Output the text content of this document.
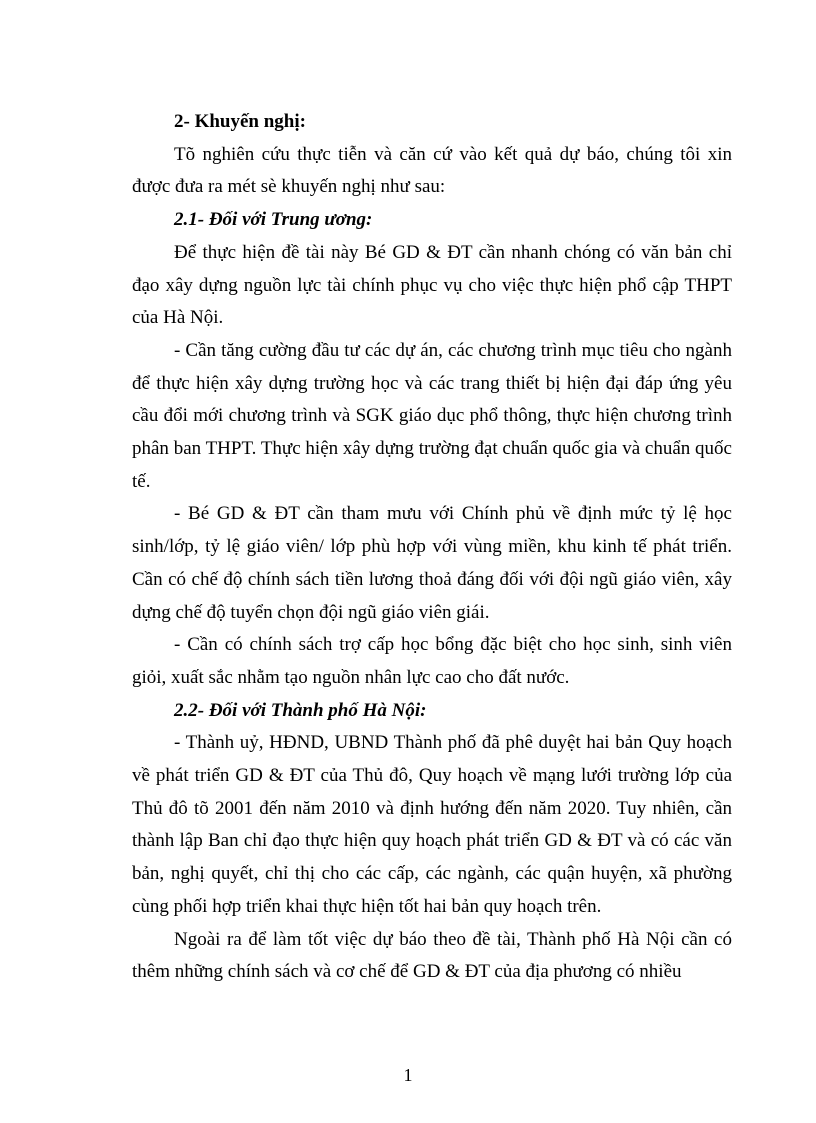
2- Khuyến nghị:

Tõ nghiên cứu thực tiễn và căn cứ vào kết quả dự báo, chúng tôi xin được đưa ra mét sè khuyến nghị như sau:

2.1- Đối với Trung ương:

Để thực hiện đề tài này Bé GD & ĐT cần nhanh chóng có văn bản chỉ đạo xây dựng nguồn lực tài chính phục vụ cho việc thực hiện phổ cập THPT của Hà Nội.

- Cần tăng cường đầu tư các dự án, các chương trình mục tiêu cho ngành để thực hiện xây dựng trường học và các trang thiết bị hiện đại đáp ứng yêu cầu đổi mới chương trình và SGK giáo dục phổ thông, thực hiện chương trình phân ban THPT. Thực hiện xây dựng trường đạt chuẩn quốc gia và chuẩn quốc tế.

- Bé GD & ĐT cần tham mưu với Chính phủ về định mức tỷ lệ học sinh/lớp, tỷ lệ giáo viên/ lớp phù hợp với vùng miền, khu kinh tế phát triển. Cần có chế độ chính sách tiền lương thoả đáng đối với đội ngũ giáo viên, xây dựng chế độ tuyển chọn đội ngũ giáo viên giái.

- Cần có chính sách trợ cấp học bổng đặc biệt cho học sinh, sinh viên giỏi, xuất sắc nhằm tạo nguồn nhân lực cao cho đất nước.

2.2- Đối với Thành phố Hà Nội:

- Thành uỷ, HĐND, UBND Thành phố đã phê duyệt hai bản Quy hoạch về phát triển GD & ĐT của Thủ đô, Quy hoạch về mạng lưới trường lớp của Thủ đô tõ 2001 đến năm 2010 và định hướng đến năm 2020. Tuy nhiên, cần thành lập Ban chỉ đạo thực hiện quy hoạch phát triển GD & ĐT và có các văn bản, nghị quyết, chỉ thị cho các cấp, các ngành, các quận huyện, xã phường cùng phối hợp triển khai thực hiện tốt hai bản quy hoạch trên.

Ngoài ra để làm tốt việc dự báo theo đề tài, Thành phố Hà Nội cần có thêm những chính sách và cơ chế để GD & ĐT của địa phương có nhiều

1
